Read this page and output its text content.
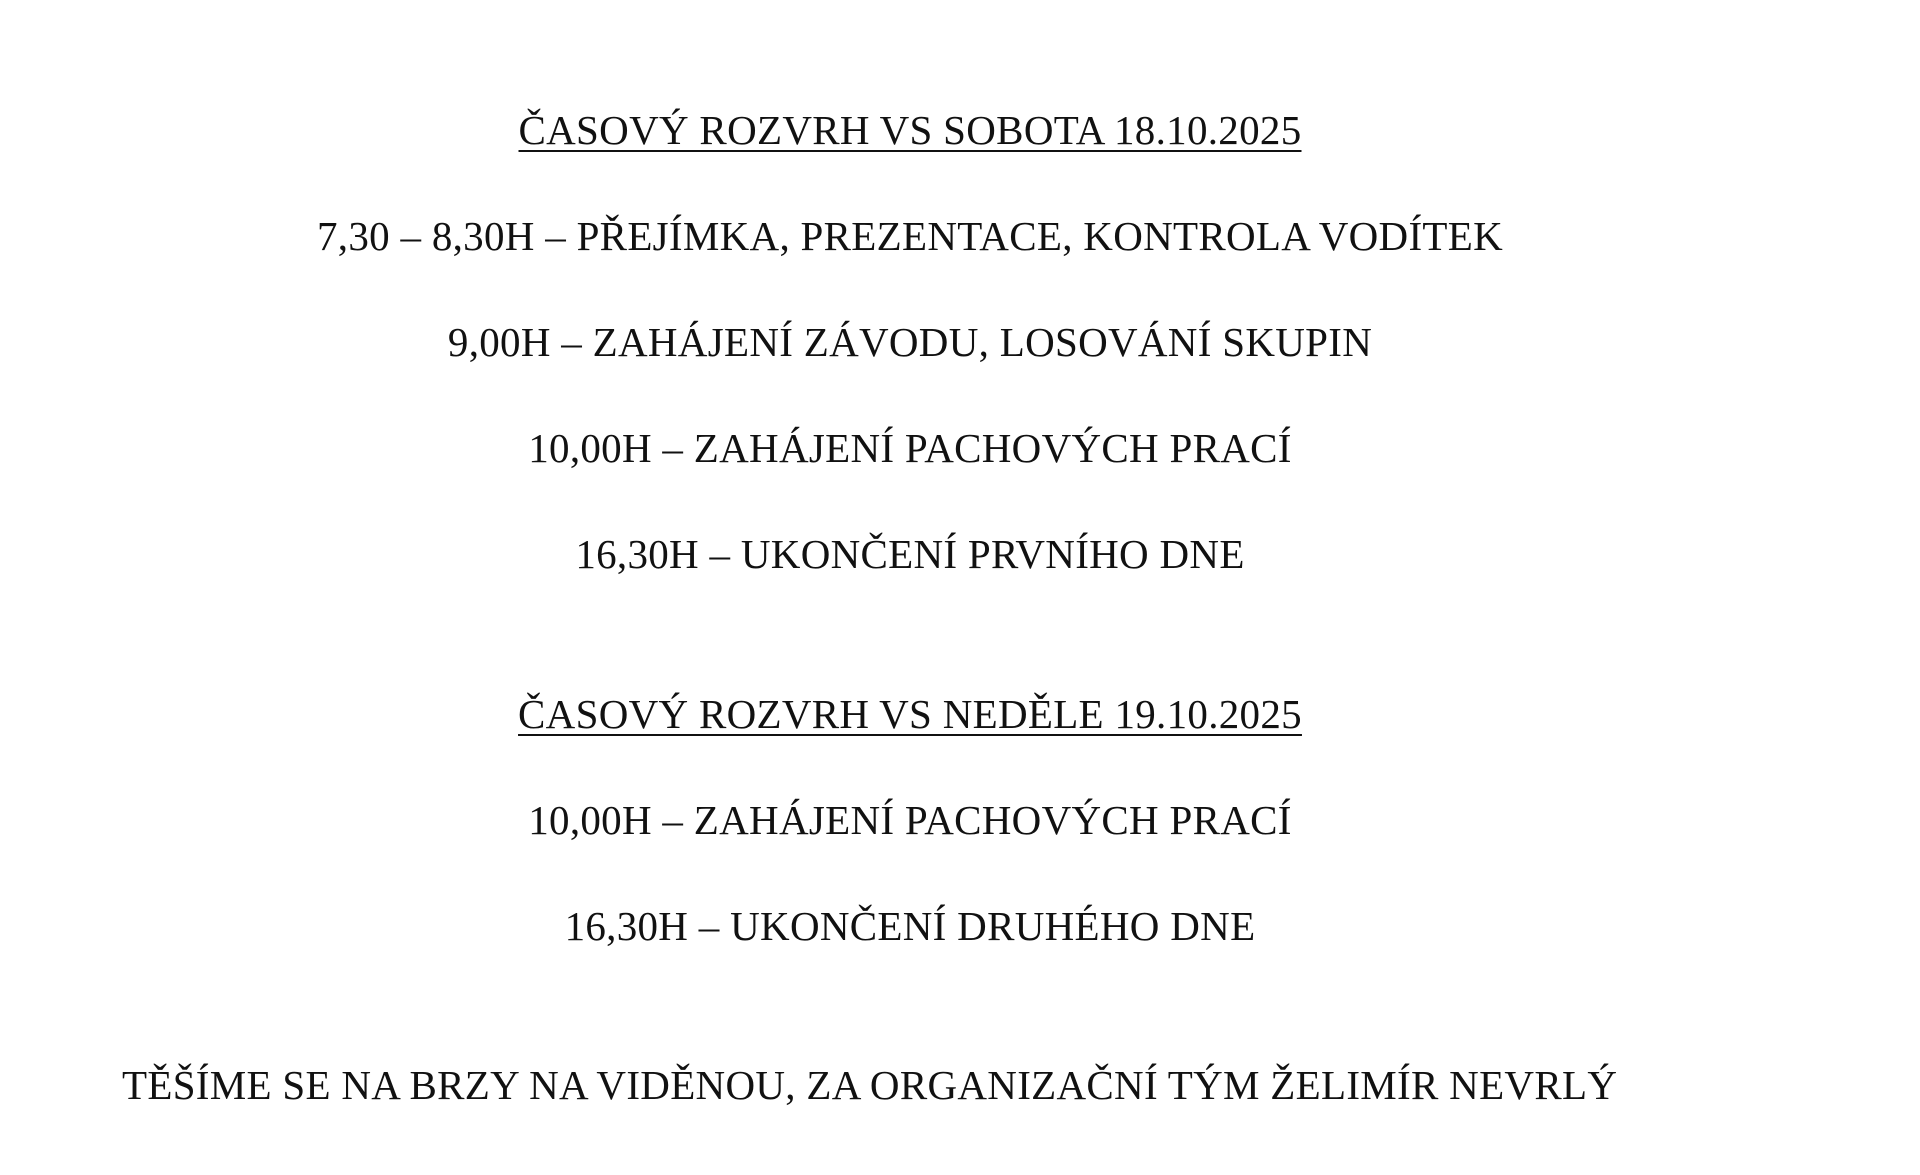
ČASOVÝ ROZVRH VS SOBOTA 18.10.2025
7,30 – 8,30H – PŘEJÍMKA, PREZENTACE, KONTROLA VODÍTEK
9,00H – ZAHÁJENÍ ZÁVODU, LOSOVÁNÍ SKUPIN
10,00H – ZAHÁJENÍ PACHOVÝCH PRACÍ
16,30H – UKONČENÍ PRVNÍHO DNE
ČASOVÝ ROZVRH VS NEDĚLE 19.10.2025
10,00H – ZAHÁJENÍ PACHOVÝCH PRACÍ
16,30H – UKONČENÍ DRUHÉHO DNE
TĚŠÍME SE NA BRZY NA VIDĚNOU, ZA ORGANIZAČNÍ TÝM ŽELIMÍR NEVRLÝ
